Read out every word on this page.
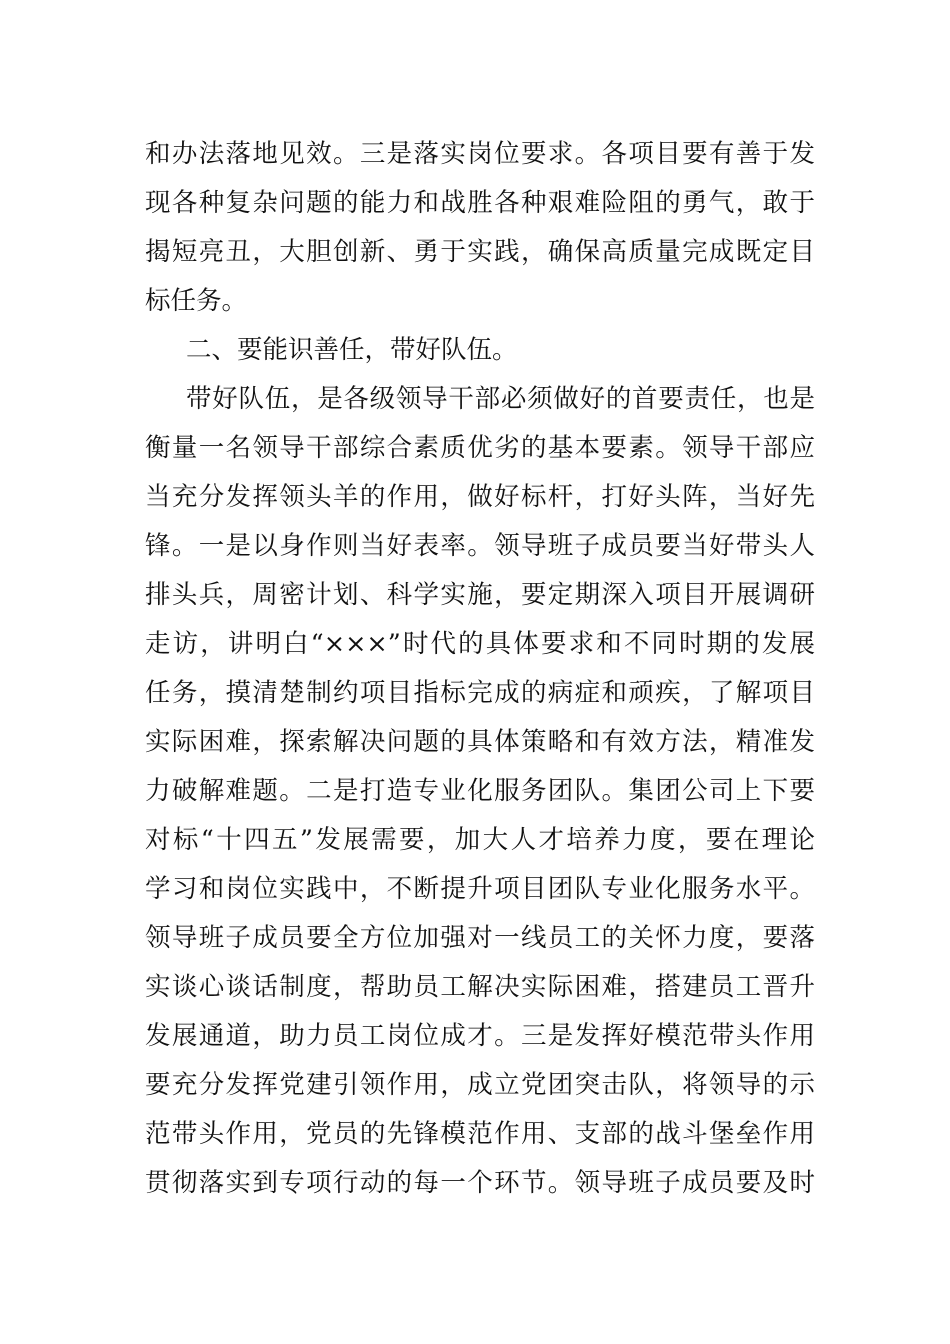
和办法落地见效。三是落实岗位要求。各项目要有善于发
现各种复杂问题的能力和战胜各种艰难险阻的勇气，敢于
揭短亮丑，大胆创新、勇于实践，确保高质量完成既定目
标任务。
二、要能识善任，带好队伍。
带好队伍，是各级领导干部必须做好的首要责任，也是
衡量一名领导干部综合素质优劣的基本要素。领导干部应
当充分发挥领头羊的作用，做好标杆，打好头阵，当好先
锋。一是以身作则当好表率。领导班子成员要当好带头人
排头兵，周密计划、科学实施，要定期深入项目开展调研
走访，讲明白“×××”时代的具体要求和不同时期的发展
任务，摸清楚制约项目指标完成的病症和顽疾，了解项目
实际困难，探索解决问题的具体策略和有效方法，精准发
力破解难题。二是打造专业化服务团队。集团公司上下要
对标“十四五”发展需要，加大人才培养力度，要在理论
学习和岗位实践中，不断提升项目团队专业化服务水平。
领导班子成员要全方位加强对一线员工的关怀力度，要落
实谈心谈话制度，帮助员工解决实际困难，搭建员工晋升
发展通道，助力员工岗位成才。三是发挥好模范带头作用
要充分发挥党建引领作用，成立党团突击队，将领导的示
范带头作用，党员的先锋模范作用、支部的战斗堡垒作用
贯彻落实到专项行动的每一个环节。领导班子成员要及时
